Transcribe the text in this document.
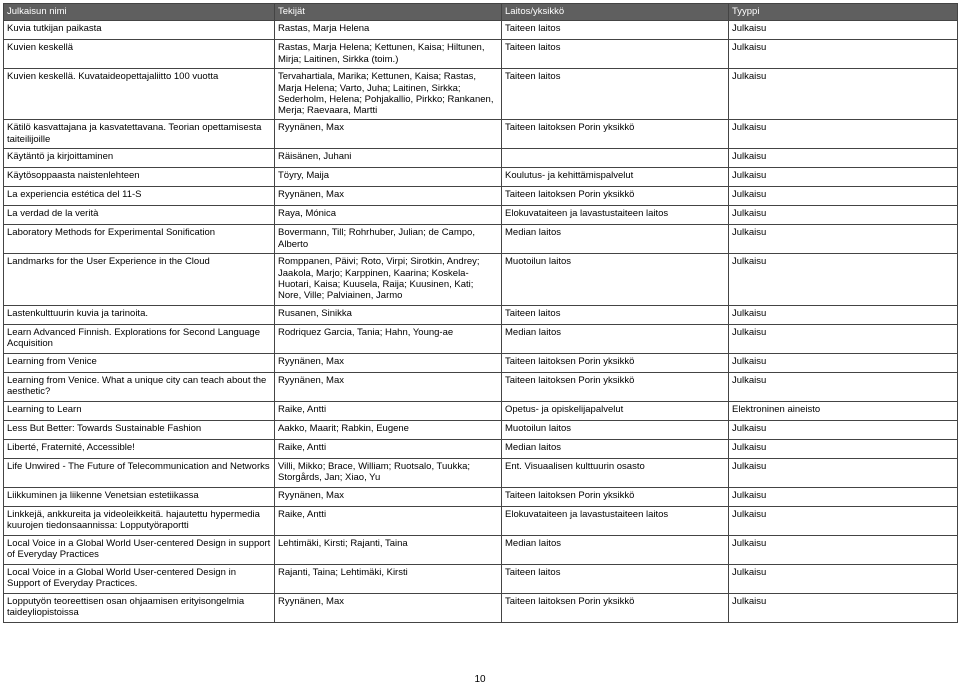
Julkaisun nimi	Tekijät	Laitos/yksikkö	Tyyppi
Kuvia tutkijan paikasta	Rastas, Marja Helena	Taiteen laitos	Julkaisu
Kuvien keskellä	Rastas, Marja Helena; Kettunen, Kaisa; Hiltunen, Mirja; Laitinen, Sirkka (toim.)	Taiteen laitos	Julkaisu
Kuvien keskellä. Kuvataideopettajaliitto 100 vuotta	Tervahartiala, Marika; Kettunen, Kaisa; Rastas, Marja Helena; Varto, Juha; Laitinen, Sirkka; Sederholm, Helena; Pohjakallio, Pirkko; Rankanen, Merja; Raevaara, Martti	Taiteen laitos	Julkaisu
Kätilö kasvattajana ja kasvatettavana. Teorian opettamisesta taiteilijoille	Ryynänen, Max	Taiteen laitoksen Porin yksikkö	Julkaisu
Käytäntö ja kirjoittaminen	Räisänen, Juhani		Julkaisu
Käytösoppaasta naistenlehteen	Töyry, Maija	Koulutus- ja kehittämispalvelut	Julkaisu
La experiencia estética del 11-S	Ryynänen, Max	Taiteen laitoksen Porin yksikkö	Julkaisu
La verdad de la verità	Raya, Mónica	Elokuvataiteen ja lavastustaiteen laitos	Julkaisu
Laboratory Methods for Experimental Sonification	Bovermann, Till; Rohrhuber, Julian; de Campo, Alberto	Median laitos	Julkaisu
Landmarks for the User Experience in the Cloud	Romppanen, Päivi; Roto, Virpi; Sirotkin, Andrey; Jaakola, Marjo; Karppinen, Kaarina; Koskela-Huotari, Kaisa; Kuusela, Raija; Kuusinen, Kati; Nore, Ville; Palviainen, Jarmo	Muotoilun laitos	Julkaisu
Lastenkulttuurin kuvia ja tarinoita.	Rusanen, Sinikka	Taiteen laitos	Julkaisu
Learn Advanced Finnish. Explorations for Second Language Acquisition	Rodriquez Garcia, Tania; Hahn, Young-ae	Median laitos	Julkaisu
Learning from Venice	Ryynänen, Max	Taiteen laitoksen Porin yksikkö	Julkaisu
Learning from Venice. What a unique city can teach about the aesthetic?	Ryynänen, Max	Taiteen laitoksen Porin yksikkö	Julkaisu
Learning to Learn	Raike, Antti	Opetus- ja opiskelijapalvelut	Elektroninen aineisto
Less But Better: Towards Sustainable Fashion	Aakko, Maarit; Rabkin, Eugene	Muotoilun laitos	Julkaisu
Liberté, Fraternité, Accessible!	Raike, Antti	Median laitos	Julkaisu
Life Unwired - The Future of Telecommunication and Networks	Villi, Mikko; Brace, William; Ruotsalo, Tuukka; Storgårds, Jan; Xiao, Yu	Ent. Visuaalisen kulttuurin osasto	Julkaisu
Liikkuminen ja liikenne Venetsian estetiikassa	Ryynänen, Max	Taiteen laitoksen Porin yksikkö	Julkaisu
Linkkejä, ankkureita ja videoleikkeitä. hajautettu hypermedia kuurojen tiedonsaannissa: Lopputyöraportti	Raike, Antti	Elokuvataiteen ja lavastustaiteen laitos	Julkaisu
Local Voice in a Global World User-centered Design in support of Everyday Practices	Lehtimäki, Kirsti; Rajanti, Taina	Median laitos	Julkaisu
Local Voice in a Global World User-centered Design in Support of Everyday Practices.	Rajanti, Taina; Lehtimäki, Kirsti	Taiteen laitos	Julkaisu
Lopputyön teoreettisen osan ohjaamisen erityisongelmia taideyliopistoissa	Ryynänen, Max	Taiteen laitoksen Porin yksikkö	Julkaisu
10
